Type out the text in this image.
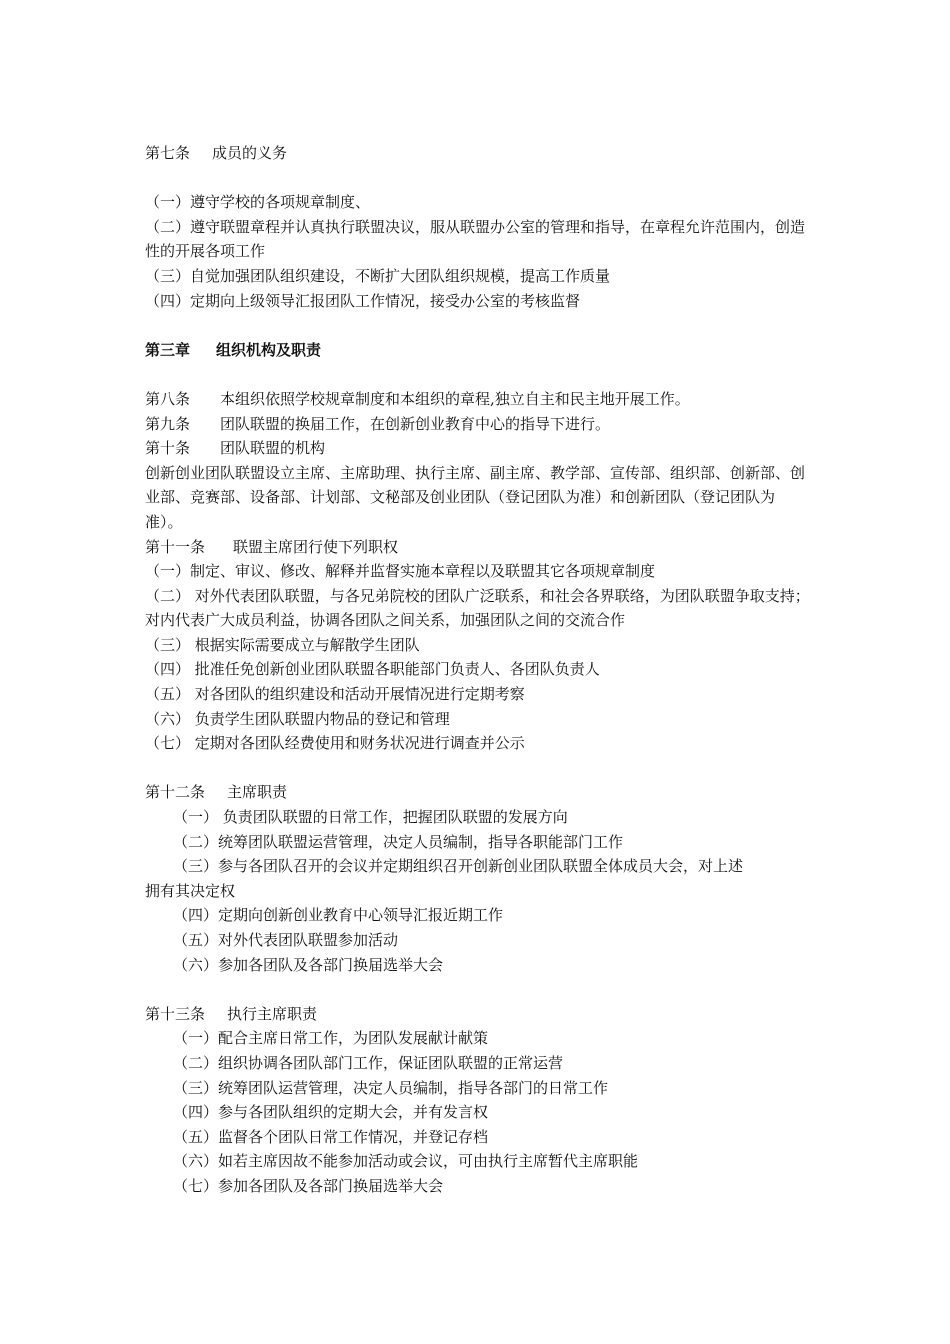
第七条 成员的义务

（一）遵守学校的各项规章制度、

（二）遵守联盟章程并认真执行联盟决议，服从联盟办公室的管理和指导，在章程允许范围内，创造性的开展各项工作

（三）自觉加强团队组织建设，不断扩大团队组织规模，提高工作质量

（四）定期向上级领导汇报团队工作情况，接受办公室的考核监督

第三章 组织机构及职责

第八条 本组织依照学校规章制度和本组织的章程,独立自主和民主地开展工作。

第九条 团队联盟的换届工作，在创新创业教育中心的指导下进行。

第十条 团队联盟的机构

创新创业团队联盟设立主席、主席助理、执行主席、副主席、教学部、宣传部、组织部、创新部、创业部、竞赛部、设备部、计划部、文秘部及创业团队（登记团队为准）和创新团队（登记团队为准）。

第十一条 联盟主席团行使下列职权

（一）制定、审议、修改、解释并监督实施本章程以及联盟其它各项规章制度

（二） 对外代表团队联盟，与各兄弟院校的团队广泛联系，和社会各界联络，为团队联盟争取支持；对内代表广大成员利益，协调各团队之间关系，加强团队之间的交流合作

（三） 根据实际需要成立与解散学生团队

（四） 批准任免创新创业团队联盟各职能部门负责人、各团队负责人

（五） 对各团队的组织建设和活动开展情况进行定期考察

（六） 负责学生团队联盟内物品的登记和管理

（七） 定期对各团队经费使用和财务状况进行调查并公示

第十二条 主席职责

（一） 负责团队联盟的日常工作，把握团队联盟的发展方向

（二）统筹团队联盟运营管理，决定人员编制，指导各职能部门工作

（三）参与各团队召开的会议并定期组织召开创新创业团队联盟全体成员大会，对上述

拥有其决定权

（四）定期向创新创业教育中心领导汇报近期工作

（五）对外代表团队联盟参加活动

（六）参加各团队及各部门换届选举大会

第十三条 执行主席职责

（一）配合主席日常工作，为团队发展献计献策

（二）组织协调各团队部门工作，保证团队联盟的正常运营

（三）统筹团队运营管理，决定人员编制，指导各部门的日常工作

（四）参与各团队组织的定期大会，并有发言权

（五）监督各个团队日常工作情况，并登记存档

（六）如若主席因故不能参加活动或会议，可由执行主席暂代主席职能

（七）参加各团队及各部门换届选举大会
